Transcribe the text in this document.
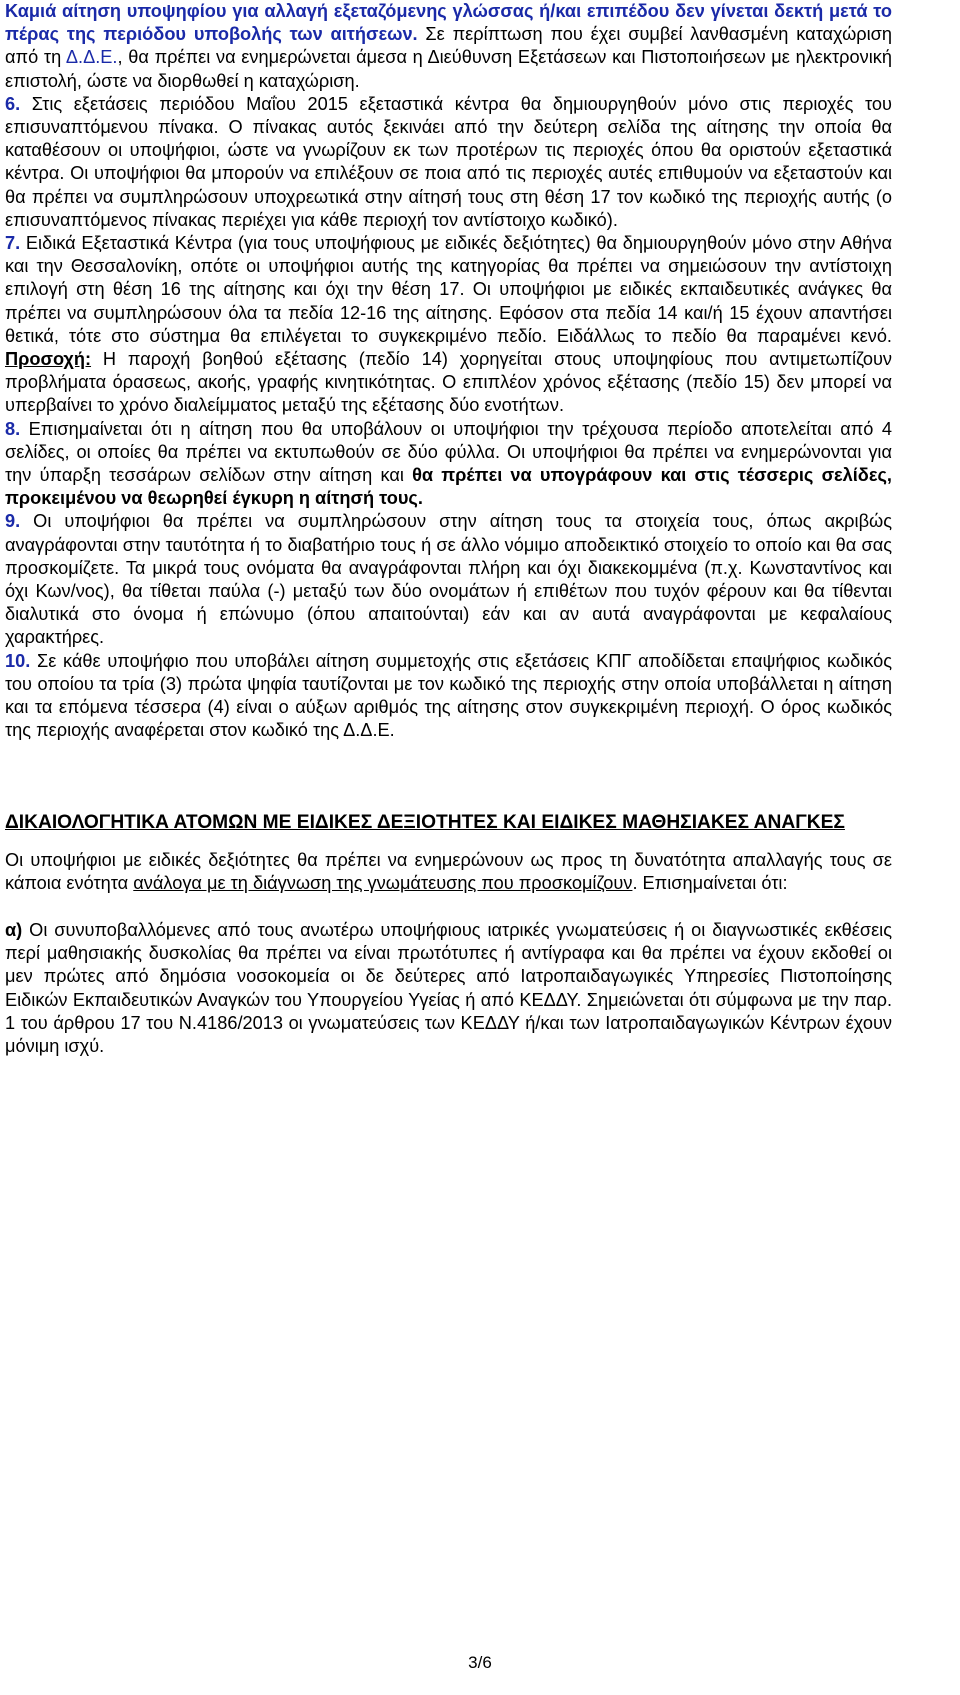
Καμιά αίτηση υποψηφίου για αλλαγή εξεταζόμενης γλώσσας ή/και επιπέδου δεν γίνεται δεκτή μετά το πέρας της περιόδου υποβολής των αιτήσεων. Σε περίπτωση που έχει συμβεί λανθασμένη καταχώριση από τη Δ.Δ.Ε., θα πρέπει να ενημερώνεται άμεσα η Διεύθυνση Εξετάσεων και Πιστοποιήσεων με ηλεκτρονική επιστολή, ώστε να διορθωθεί η καταχώριση.

6. Στις εξετάσεις περιόδου Μαΐου 2015 εξεταστικά κέντρα θα δημιουργηθούν μόνο στις περιοχές του επισυναπτόμενου πίνακα. Ο πίνακας αυτός ξεκινάει από την δεύτερη σελίδα της αίτησης την οποία θα καταθέσουν οι υποψήφιοι, ώστε να γνωρίζουν εκ των προτέρων τις περιοχές όπου θα οριστούν εξεταστικά κέντρα. Οι υποψήφιοι θα μπορούν να επιλέξουν σε ποια από τις περιοχές αυτές επιθυμούν να εξεταστούν και θα πρέπει να συμπληρώσουν υποχρεωτικά στην αίτησή τους στη θέση 17 τον κωδικό της περιοχής αυτής (ο επισυναπτόμενος πίνακας περιέχει για κάθε περιοχή τον αντίστοιχο κωδικό).

7. Ειδικά Εξεταστικά Κέντρα (για τους υποψήφιους με ειδικές δεξιότητες) θα δημιουργηθούν μόνο στην Αθήνα και την Θεσσαλονίκη, οπότε οι υποψήφιοι αυτής της κατηγορίας θα πρέπει να σημειώσουν την αντίστοιχη επιλογή στη θέση 16 της αίτησης και όχι την θέση 17. Οι υποψήφιοι με ειδικές εκπαιδευτικές ανάγκες θα πρέπει να συμπληρώσουν όλα τα πεδία 12-16 της αίτησης. Εφόσον στα πεδία 14 και/ή 15 έχουν απαντήσει θετικά, τότε στο σύστημα θα επιλέγεται το συγκεκριμένο πεδίο. Ειδάλλως το πεδίο θα παραμένει κενό. Προσοχή: Η παροχή βοηθού εξέτασης (πεδίο 14) χορηγείται στους υποψηφίους που αντιμετωπίζουν προβλήματα όρασεως, ακοής, γραφής κινητικότητας. Ο επιπλέον χρόνος εξέτασης (πεδίο 15) δεν μπορεί να υπερβαίνει το χρόνο διαλείμματος μεταξύ της εξέτασης δύο ενοτήτων.

8. Επισημαίνεται ότι η αίτηση που θα υποβάλουν οι υποψήφιοι την τρέχουσα περίοδο αποτελείται από 4 σελίδες, οι οποίες θα πρέπει να εκτυπωθούν σε δύο φύλλα. Οι υποψήφιοι θα πρέπει να ενημερώνονται για την ύπαρξη τεσσάρων σελίδων στην αίτηση και θα πρέπει να υπογράφουν και στις τέσσερις σελίδες, προκειμένου να θεωρηθεί έγκυρη η αίτησή τους.

9. Οι υποψήφιοι θα πρέπει να συμπληρώσουν στην αίτηση τους τα στοιχεία τους, όπως ακριβώς αναγράφονται στην ταυτότητα ή το διαβατήριο τους ή σε άλλο νόμιμο αποδεικτικό στοιχείο το οποίο και θα σας προσκομίζετε. Τα μικρά τους ονόματα θα αναγράφονται πλήρη και όχι διακεκομμένα (π.χ. Κωνσταντίνος και όχι Κων/νος), θα τίθεται παύλα (-) μεταξύ των δύο ονομάτων ή επιθέτων που τυχόν φέρουν και θα τίθενται διαλυτικά στο όνομα ή επώνυμο (όπου απαιτούνται) εάν και αν αυτά αναγράφονται με κεφαλαίους χαρακτήρες.

10. Σε κάθε υποψήφιο που υποβάλει αίτηση συμμετοχής στις εξετάσεις ΚΠΓ αποδίδεται επαψήφιος κωδικός του οποίου τα τρία (3) πρώτα ψηφία ταυτίζονται με τον κωδικό της περιοχής στην οποία υποβάλλεται η αίτηση και τα επόμενα τέσσερα (4) είναι ο αύξων αριθμός της αίτησης στον συγκεκριμένη περιοχή. Ο όρος κωδικός της περιοχής αναφέρεται στον κωδικό της Δ.Δ.Ε.

ΔΙΚΑΙΟΛΟΓΗΤΙΚΑ ΑΤΟΜΩΝ ΜΕ ΕΙΔΙΚΕΣ ΔΕΞΙΟΤΗΤΕΣ ΚΑΙ ΕΙΔΙΚΕΣ ΜΑΘΗΣΙΑΚΕΣ ΑΝΑΓΚΕΣ

Οι υποψήφιοι με ειδικές δεξιότητες θα πρέπει να ενημερώνουν ως προς τη δυνατότητα απαλλαγής τους σε κάποια ενότητα ανάλογα με τη διάγνωση της γνωμάτευσης που προσκομίζουν. Επισημαίνεται ότι:

α) Οι συνυποβαλλόμενες από τους ανωτέρω υποψήφιους ιατρικές γνωματεύσεις ή οι διαγνωστικές εκθέσεις περί μαθησιακής δυσκολίας θα πρέπει να είναι πρωτότυπες ή αντίγραφα και θα πρέπει να έχουν εκδοθεί οι μεν πρώτες από δημόσια νοσοκομεία οι δε δεύτερες από Ιατροπαιδαγωγικές Υπηρεσίες Πιστοποίησης Ειδικών Εκπαιδευτικών Αναγκών του Υπουργείου Υγείας ή από ΚΕΔΔΥ. Σημειώνεται ότι σύμφωνα με την παρ. 1 του άρθρου 17 του Ν.4186/2013 οι γνωματεύσεις των ΚΕΔΔΥ ή/και των Ιατροπαιδαγωγικών Κέντρων έχουν μόνιμη ισχύ.

3/6
